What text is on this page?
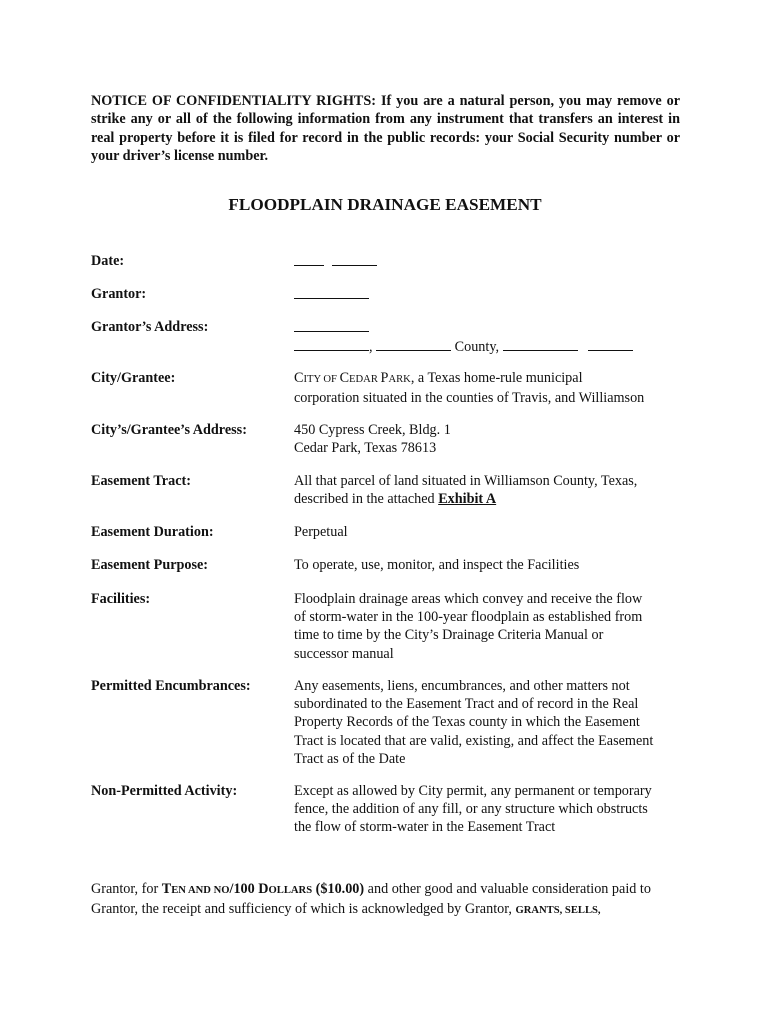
NOTICE OF CONFIDENTIALITY RIGHTS: If you are a natural person, you may remove or strike any or all of the following information from any instrument that transfers an interest in real property before it is filed for record in the public records: your Social Security number or your driver’s license number.
FLOODPLAIN DRAINAGE EASEMENT
Date:

Grantor:
Grantor’s Address:
,	County,
City/Grantee:	CITY OF CEDAR PARK, a Texas home-rule municipal
corporation situated in the counties of Travis, and Williamson
City’s/Grantee’s Address:	450 Cypress Creek, Bldg. 1
Cedar Park, Texas 78613
Easement Tract:	All that parcel of land situated in Williamson County, Texas,
described in the attached Exhibit A
Easement Duration:	Perpetual
Easement Purpose:	To operate, use, monitor, and inspect the Facilities
Facilities:	Floodplain drainage areas which convey and receive the flow
of storm-water in the 100-year floodplain as established from
time to time by the City’s Drainage Criteria Manual or
successor manual
Permitted Encumbrances:	Any easements, liens, encumbrances, and other matters not
subordinated to the Easement Tract and of record in the Real
Property Records of the Texas county in which the Easement
Tract is located that are valid, existing, and affect the Easement
Tract as of the Date
Non-Permitted Activity:	Except as allowed by City permit, any permanent or temporary
fence, the addition of any fill, or any structure which obstructs
the flow of storm-water in the Easement Tract
Grantor, for TEN AND NO/100 DOLLARS ($10.00) and other good and valuable consideration paid to Grantor, the receipt and sufficiency of which is acknowledged by Grantor, GRANTS, SELLS,
